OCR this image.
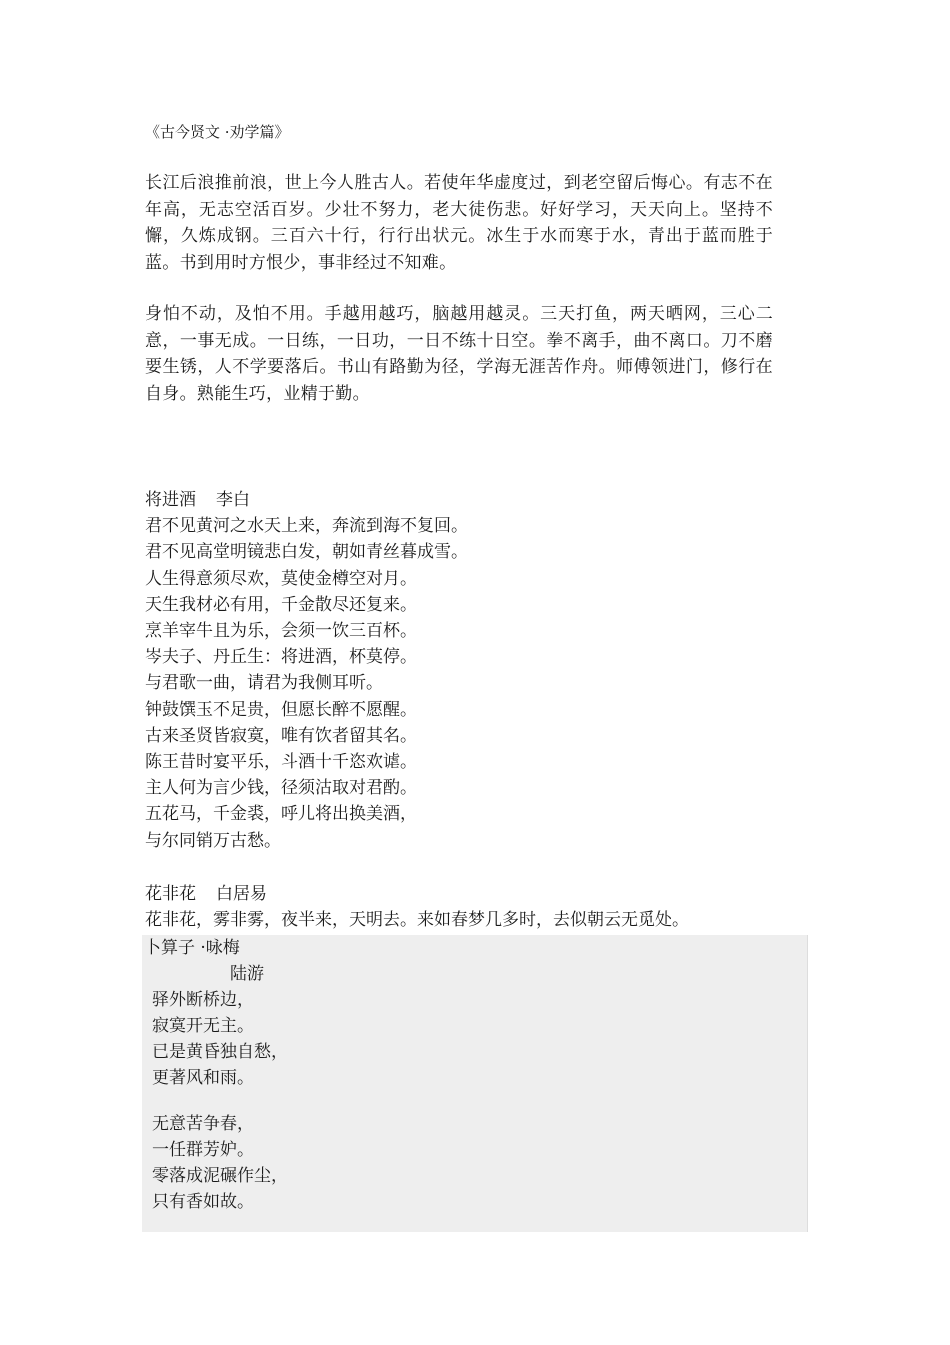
《古今贤文 ·劝学篇》
长江后浪推前浪，世上今人胜古人。若使年华虚度过，到老空留后悔心。有志不在年高，无志空活百岁。少壮不努力，老大徒伤悲。好好学习，天天向上。坚持不懈，久炼成钢。三百六十行，行行出状元。冰生于水而寒于水，青出于蓝而胜于蓝。书到用时方恨少，事非经过不知难。
身怕不动，及怕不用。手越用越巧，脑越用越灵。三天打鱼，两天晒网，三心二意，一事无成。一日练，一日功，一日不练十日空。拳不离手，曲不离口。刀不磨要生锈，人不学要落后。书山有路勤为径，学海无涯苦作舟。师傅领进门，修行在自身。熟能生巧，业精于勤。
将进酒 李白
君不见黄河之水天上来，奔流到海不复回。
君不见高堂明镜悲白发，朝如青丝暮成雪。
人生得意须尽欢，莫使金樽空对月。
天生我材必有用，千金散尽还复来。
烹羊宰牛且为乐，会须一饮三百杯。
岑夫子、丹丘生：将进酒，杯莫停。
与君歌一曲，请君为我侧耳听。
钟鼓馔玉不足贵，但愿长醉不愿醒。
古来圣贤皆寂寞，唯有饮者留其名。
陈王昔时宴平乐，斗酒十千恣欢谑。
主人何为言少钱，径须沽取对君酌。
五花马，千金裘，呼儿将出换美酒，
与尔同销万古愁。
花非花 白居易
花非花，雾非雾，夜半来，天明去。来如春梦几多时，去似朝云无觅处。
卜算子 ·咏梅
陆游
驿外断桥边，
寂寞开无主。
已是黄昏独自愁，
更著风和雨。
无意苦争春，
一任群芳妒。
零落成泥碾作尘，
只有香如故。
